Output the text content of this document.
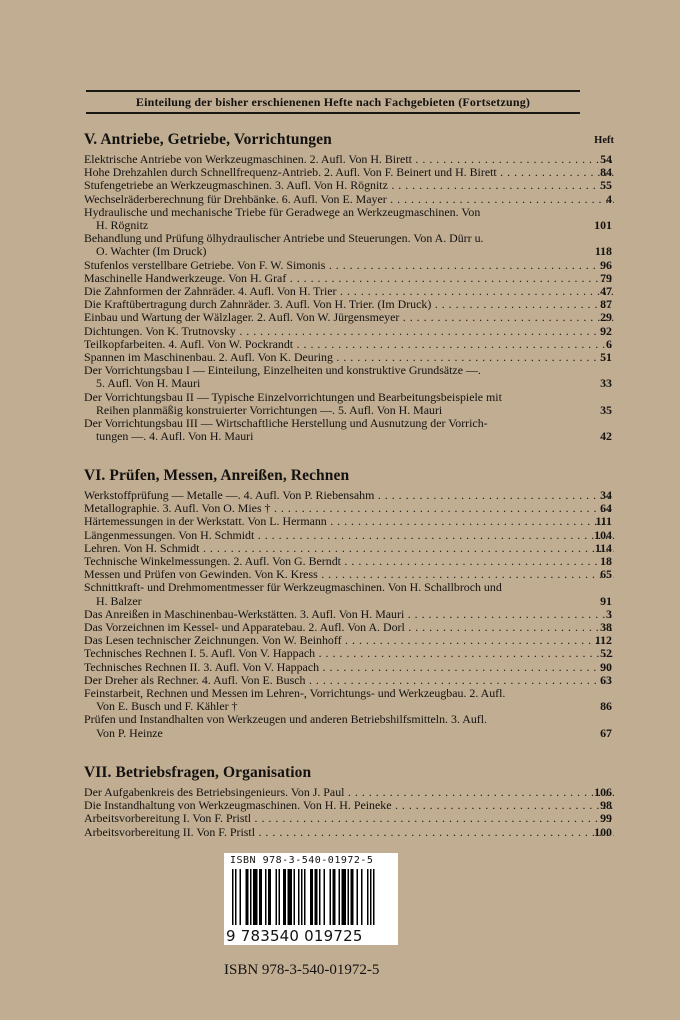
Einteilung der bisher erschienenen Hefte nach Fachgebieten (Fortsetzung)
V. Antriebe, Getriebe, Vorrichtungen	Heft
Elektrische Antriebe von Werkzeugmaschinen. 2. Aufl. Von H. Birett	54
. . .
Hohe Drehzahlen durch Schnellfrequenz-Antrieb. 2. Aufl. Von F. Beinert und H. Birett	84
. . .
Stufengetriebe an Werkzeugmaschinen. 3. Aufl. Von H. Rögnitz	55
. . .
Wechselräderberechnung für Drehbänke. 6. Aufl. Von E. Mayer	4
. . .
Hydraulische und mechanische Triebe für Geradwege an Werkzeugmaschinen. Von
H. Rögnitz	101
Behandlung und Prüfung ölhydraulischer Antriebe und Steuerungen. Von A. Dürr u.
O. Wachter (Im Druck)	118
Stufenlos verstellbare Getriebe. Von F. W. Simonis	96
. . .
Maschinelle Handwerkzeuge. Von H. Graf	79
. . .
Die Zahnformen der Zahnräder. 4. Aufl. Von H. Trier	47
. . .
Die Kraftübertragung durch Zahnräder. 3. Aufl. Von H. Trier. (Im Druck)	87
. . .
Einbau und Wartung der Wälzlager. 2. Aufl. Von W. Jürgensmeyer	29
. . .
Dichtungen. Von K. Trutnovsky	92
. . .
Teilkopfarbeiten. 4. Aufl. Von W. Pockrandt	6
. . .
Spannen im Maschinenbau. 2. Aufl. Von K. Deuring	51
. . .
Der Vorrichtungsbau I — Einteilung, Einzelheiten und konstruktive Grundsätze —.
5. Aufl. Von H. Mauri	33
Der Vorrichtungsbau II — Typische Einzelvorrichtungen und Bearbeitungsbeispiele mit
Reihen planmäßig konstruierter Vorrichtungen —. 5. Aufl. Von H. Mauri	35
Der Vorrichtungsbau III — Wirtschaftliche Herstellung und Ausnutzung der Vorrich-
tungen —. 4. Aufl. Von H. Mauri	42
VI. Prüfen, Messen, Anreißen, Rechnen
Werkstoffprüfung — Metalle —. 4. Aufl. Von P. Riebensahm	34
. . .
Metallographie. 3. Aufl. Von O. Mies †	64
. . .
Härtemessungen in der Werkstatt. Von L. Hermann	111
. . .
Längenmessungen. Von H. Schmidt	104
. . .
Lehren. Von H. Schmidt	114
. . .
Technische Winkelmessungen. 2. Aufl. Von G. Berndt	18
. . .
Messen und Prüfen von Gewinden. Von K. Kress	65
. . .
Schnittkraft- und Drehmomentmesser für Werkzeugmaschinen. Von H. Schallbroch und
H. Balzer	91
Das Anreißen in Maschinenbau-Werkstätten. 3. Aufl. Von H. Mauri	3
. . .
Das Vorzeichnen im Kessel- und Apparatebau. 2. Aufl. Von A. Dorl	38
. . .
Das Lesen technischer Zeichnungen. Von W. Beinhoff	112
. . .
Technisches Rechnen I. 5. Aufl. Von V. Happach	52
. . .
Technisches Rechnen II. 3. Aufl. Von V. Happach	90
. . .
Der Dreher als Rechner. 4. Aufl. Von E. Busch	63
. . .
Feinstarbeit, Rechnen und Messen im Lehren-, Vorrichtungs- und Werkzeugbau. 2. Aufl.
Von E. Busch und F. Kähler †	86
Prüfen und Instandhalten von Werkzeugen und anderen Betriebshilfsmitteln. 3. Aufl.
Von P. Heinze	67
VII. Betriebsfragen, Organisation
Der Aufgabenkreis des Betriebsingenieurs. Von J. Paul	106
. . .
Die Instandhaltung von Werkzeugmaschinen. Von H. H. Peineke	98
. . .
Arbeitsvorbereitung I. Von F. Pristl	99
. . .
Arbeitsvorbereitung II. Von F. Pristl	100
. . .
ISBN 978-3-540-01972-5
9 783540 019725
ISBN 978-3-540-01972-5
